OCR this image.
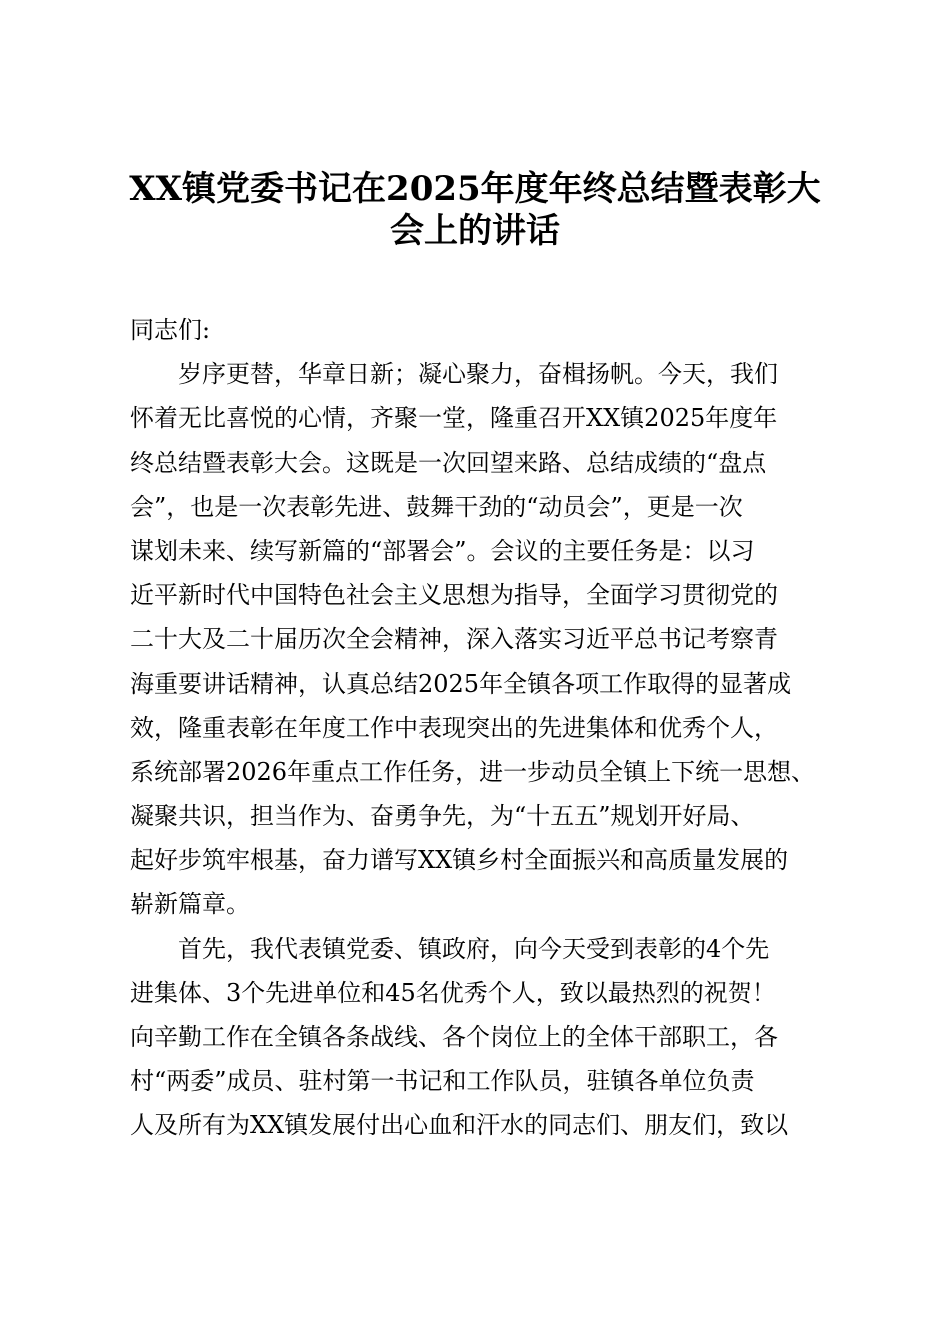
XX镇党委书记在2025年度年终总结暨表彰大
会上的讲话
同志们:
岁序更替，华章日新；凝心聚力，奋楫扬帆。今天，我们
怀着无比喜悦的心情，齐聚一堂，隆重召开XX镇2025年度年
终总结暨表彰大会。这既是一次回望来路、总结成绩的“盘点
会”，也是一次表彰先进、鼓舞干劲的“动员会”，更是一次
谋划未来、续写新篇的“部署会”。会议的主要任务是：以习
近平新时代中国特色社会主义思想为指导，全面学习贯彻党的
二十大及二十届历次全会精神，深入落实习近平总书记考察青
海重要讲话精神，认真总结2025年全镇各项工作取得的显著成
效，隆重表彰在年度工作中表现突出的先进集体和优秀个人，
系统部署2026年重点工作任务，进一步动员全镇上下统一思想、
凝聚共识，担当作为、奋勇争先，为“十五五”规划开好局、
起好步筑牢根基，奋力谱写XX镇乡村全面振兴和高质量发展的
崭新篇章。
首先，我代表镇党委、镇政府，向今天受到表彰的4个先
进集体、3个先进单位和45名优秀个人，致以最热烈的祝贺！
向辛勤工作在全镇各条战线、各个岗位上的全体干部职工，各
村“两委”成员、驻村第一书记和工作队员，驻镇各单位负责
人及所有为XX镇发展付出心血和汗水的同志们、朋友们，致以
